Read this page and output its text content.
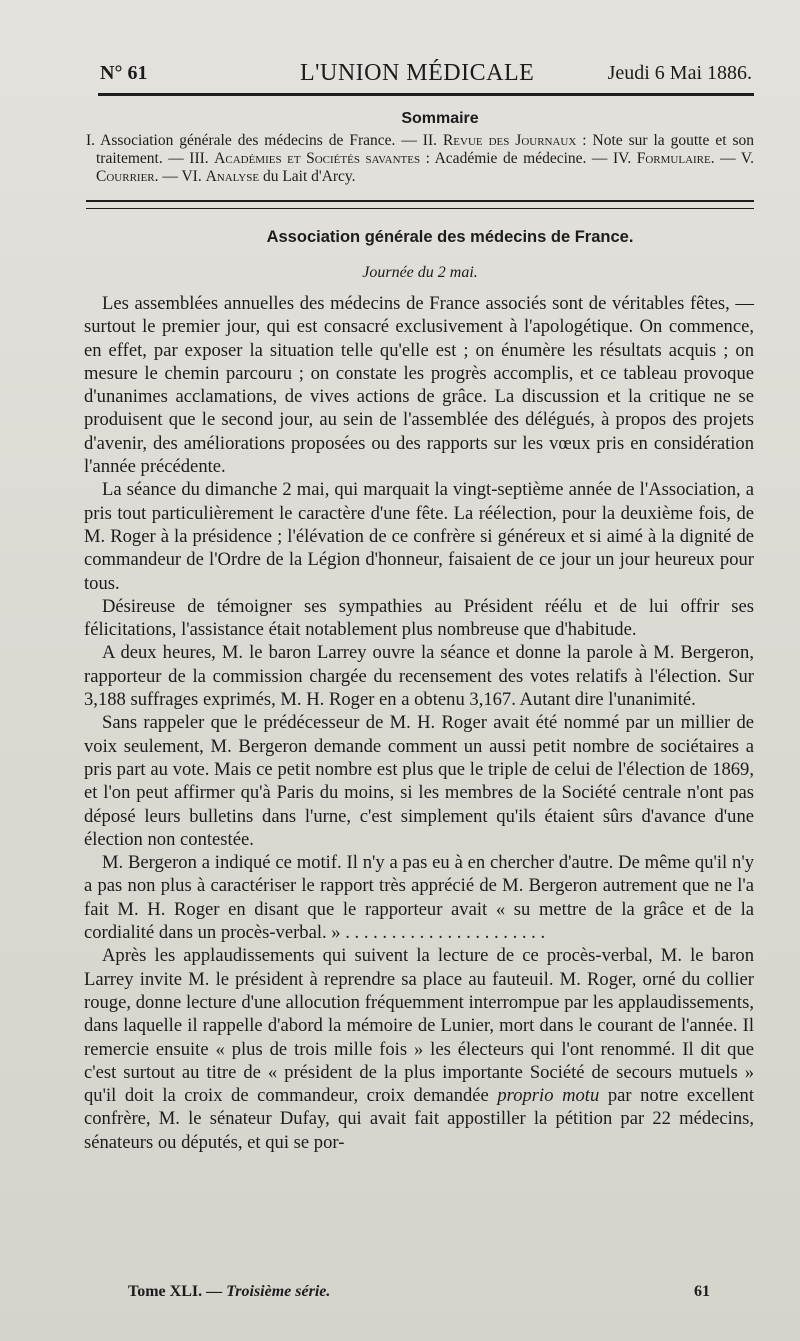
N° 61	L'UNION MÉDICALE	Jeudi 6 Mai 1886.
Sommaire

I. Association générale des médecins de France. — II. Revue des Journaux : Note sur la goutte et son traitement. — III. Académies et Sociétés savantes : Académie de médecine. — IV. Formulaire. — V. Courrier. — VI. Analyse du Lait d'Arcy.

Association générale des médecins de France.
Journée du 2 mai.

Les assemblées annuelles des médecins de France associés sont de véritables fêtes, — surtout le premier jour, qui est consacré exclusivement à l'apologétique. On commence, en effet, par exposer la situation telle qu'elle est ; on énumère les résultats acquis ; on mesure le chemin parcouru ; on constate les progrès accomplis, et ce tableau provoque d'unanimes acclamations, de vives actions de grâce. La discussion et la critique ne se produisent que le second jour, au sein de l'assemblée des délégués, à propos des projets d'avenir, des améliorations proposées ou des rapports sur les vœux pris en considération l'année précédente.

La séance du dimanche 2 mai, qui marquait la vingt-septième année de l'Association, a pris tout particulièrement le caractère d'une fête. La réélection, pour la deuxième fois, de M. Roger à la présidence ; l'élévation de ce confrère si généreux et si aimé à la dignité de commandeur de l'Ordre de la Légion d'honneur, faisaient de ce jour un jour heureux pour tous.

Désireuse de témoigner ses sympathies au Président réélu et de lui offrir ses félicitations, l'assistance était notablement plus nombreuse que d'habitude.

A deux heures, M. le baron Larrey ouvre la séance et donne la parole à M. Bergeron, rapporteur de la commission chargée du recensement des votes relatifs à l'élection. Sur 3,188 suffrages exprimés, M. H. Roger en a obtenu 3,167. Autant dire l'unanimité.

Sans rappeler que le prédécesseur de M. H. Roger avait été nommé par un millier de voix seulement, M. Bergeron demande comment un aussi petit nombre de sociétaires a pris part au vote. Mais ce petit nombre est plus que le triple de celui de l'élection de 1869, et l'on peut affirmer qu'à Paris du moins, si les membres de la Société centrale n'ont pas déposé leurs bulletins dans l'urne, c'est simplement qu'ils étaient sûrs d'avance d'une élection non contestée.

M. Bergeron a indiqué ce motif. Il n'y a pas eu à en chercher d'autre. De même qu'il n'y a pas non plus à caractériser le rapport très apprécié de M. Bergeron autrement que ne l'a fait M. H. Roger en disant que le rapporteur avait « su mettre de la grâce et de la cordialité dans un procès-verbal. » . . . . . . . . . . . . . . . . . . . . . .

Après les applaudissements qui suivent la lecture de ce procès-verbal, M. le baron Larrey invite M. le président à reprendre sa place au fauteuil. M. Roger, orné du collier rouge, donne lecture d'une allocution fréquemment interrompue par les applaudissements, dans laquelle il rappelle d'abord la mémoire de Lunier, mort dans le courant de l'année. Il remercie ensuite « plus de trois mille fois » les électeurs qui l'ont renommé. Il dit que c'est surtout au titre de « président de la plus importante Société de secours mutuels » qu'il doit la croix de commandeur, croix demandée proprio motu par notre excellent confrère, M. le sénateur Dufay, qui avait fait appostiller la pétition par 22 médecins, sénateurs ou députés, et qui se por-

Tome XLI. — Troisième série.	61
